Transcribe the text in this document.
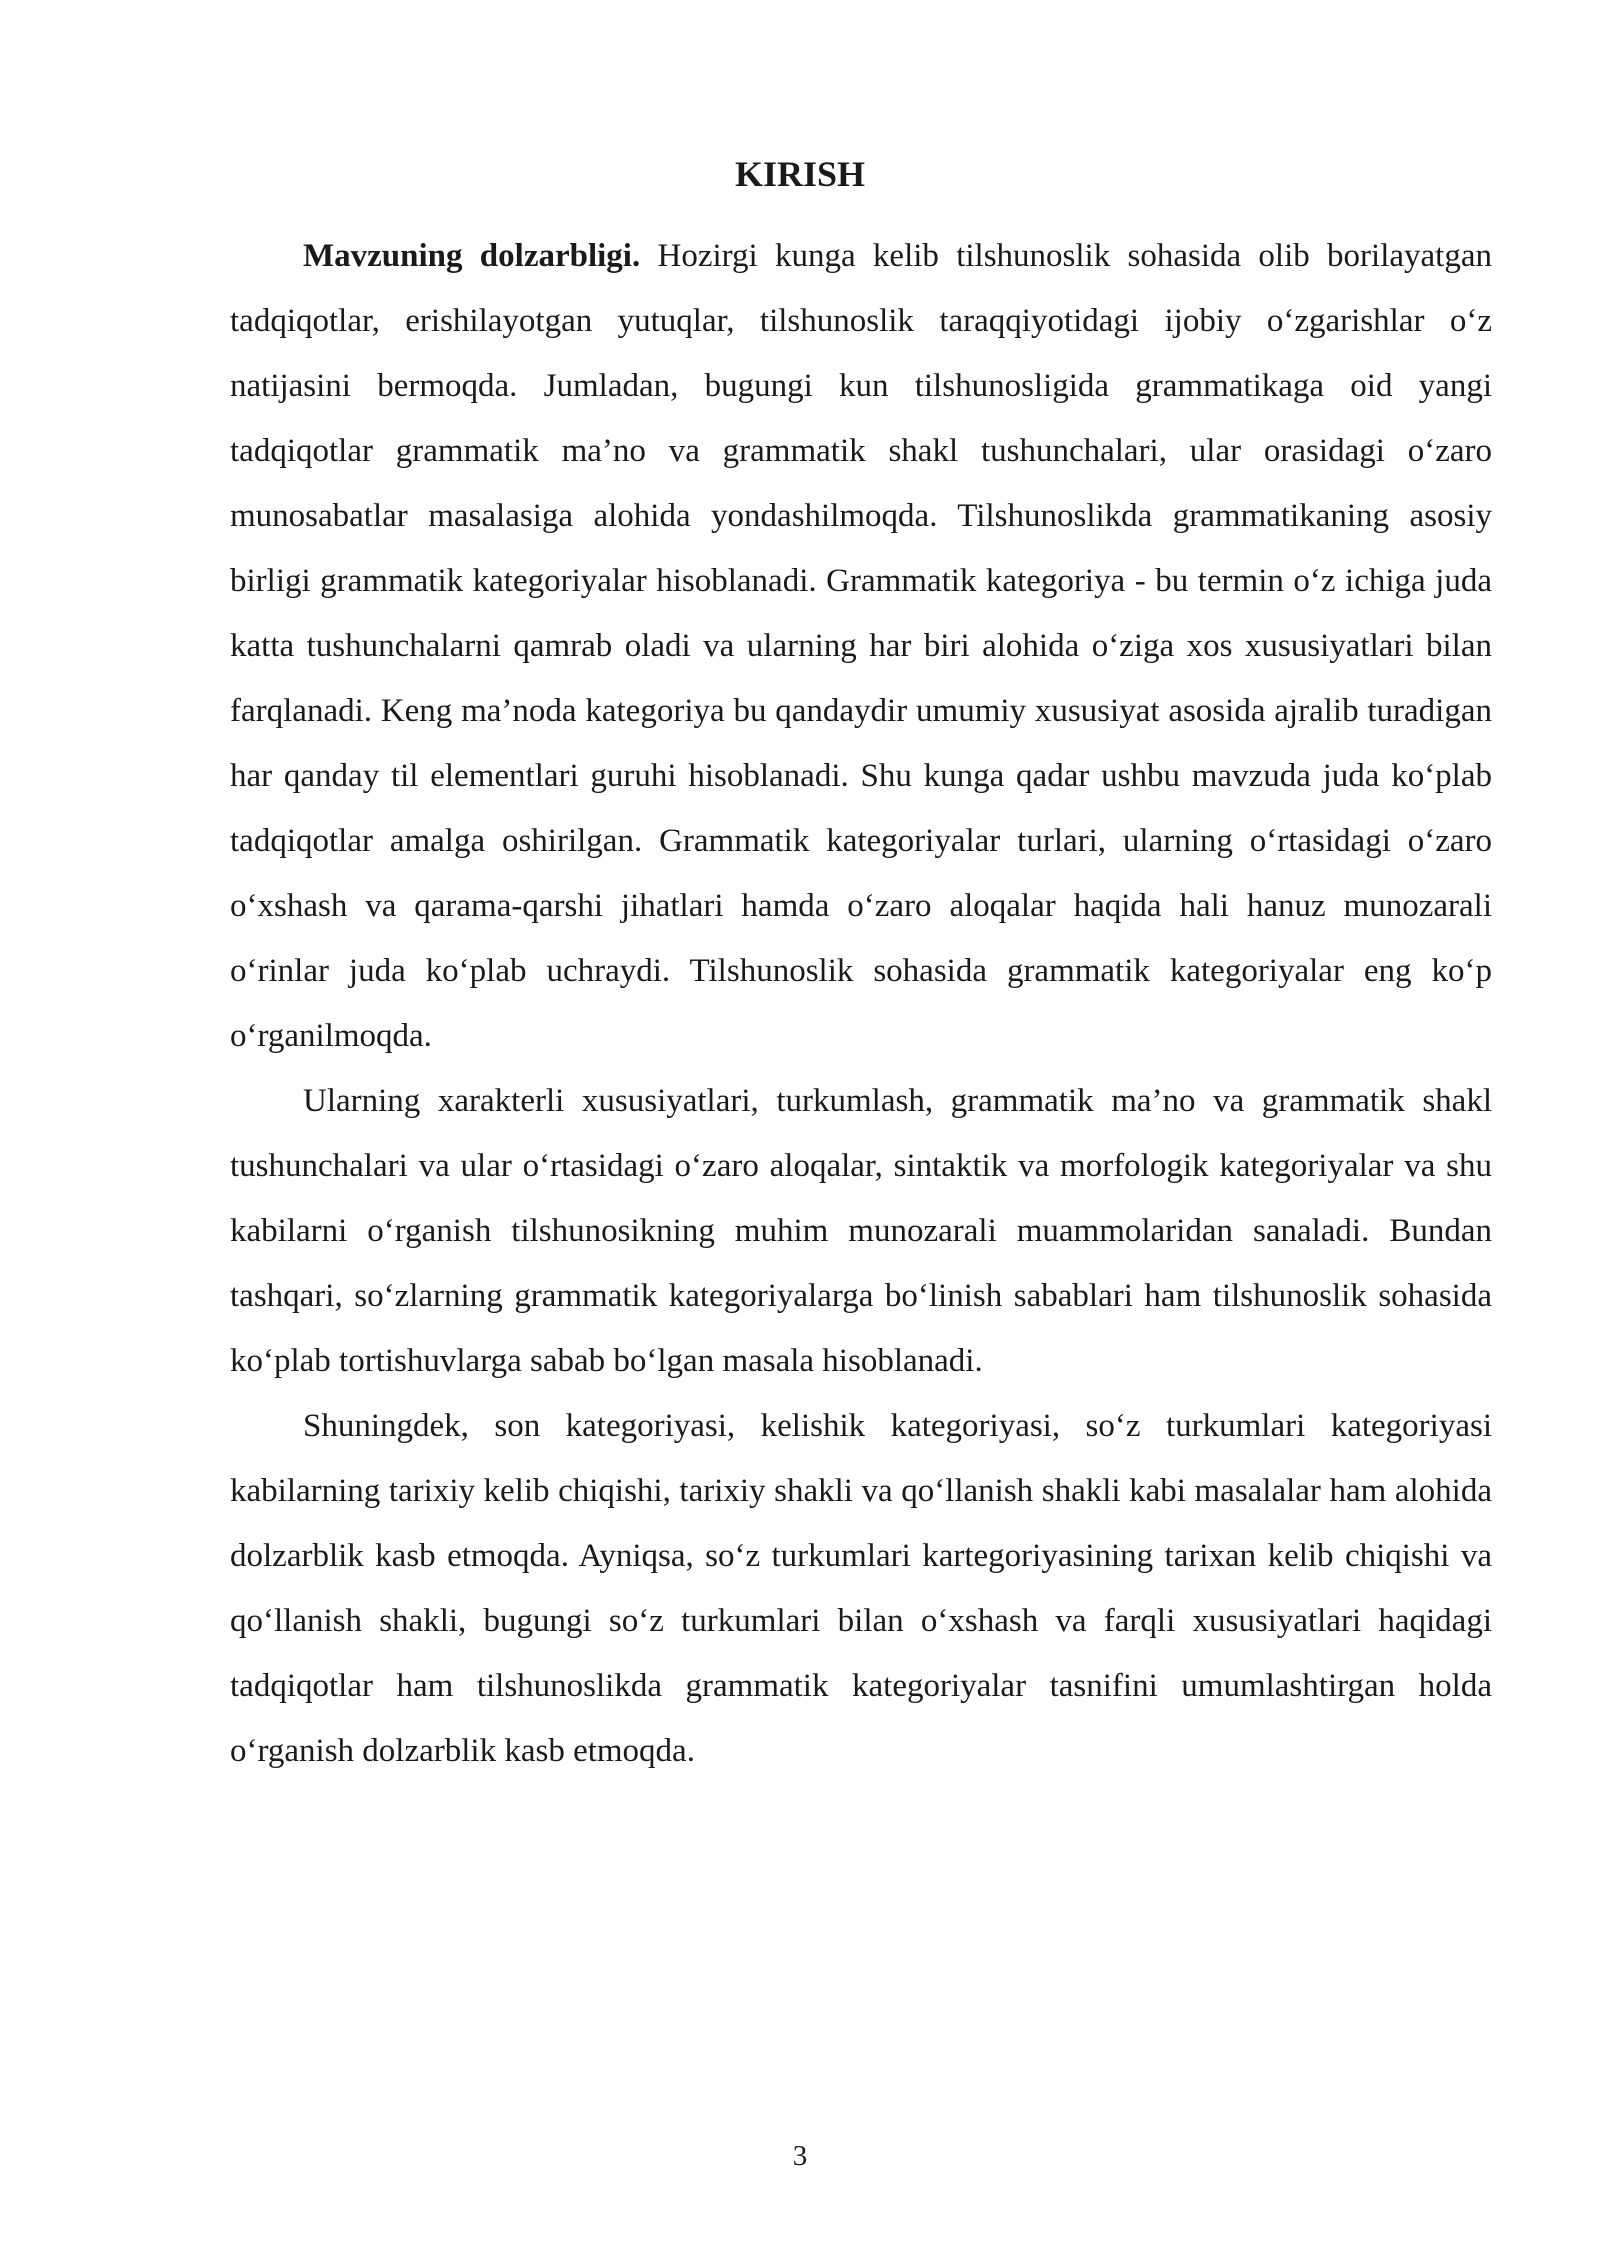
KIRISH

Mavzuning dolzarbligi. Hozirgi kunga kelib tilshunoslik sohasida olib borilayatgan tadqiqotlar, erishilayotgan yutuqlar, tilshunoslik taraqqiyotidagi ijobiy o‘zgarishlar o‘z natijasini bermoqda. Jumladan, bugungi kun tilshunosligida grammatikaga oid yangi tadqiqotlar grammatik ma’no va grammatik shakl tushunchalari, ular orasidagi o‘zaro munosabatlar masalasiga alohida yondashilmoqda. Tilshunoslikda grammatikaning asosiy birligi grammatik kategoriyalar hisoblanadi. Grammatik kategoriya - bu termin o‘z ichiga juda katta tushunchalarni qamrab oladi va ularning har biri alohida o‘ziga xos xususiyatlari bilan farqlanadi. Keng ma’noda kategoriya bu qandaydir umumiy xususiyat asosida ajralib turadigan har qanday til elementlari guruhi hisoblanadi. Shu kunga qadar ushbu mavzuda juda ko‘plab tadqiqotlar amalga oshirilgan. Grammatik kategoriyalar turlari, ularning o‘rtasidagi o‘zaro o‘xshash va qarama-qarshi jihatlari hamda o‘zaro aloqalar haqida hali hanuz munozarali o‘rinlar juda ko‘plab uchraydi. Tilshunoslik sohasida grammatik kategoriyalar eng ko‘p o‘rganilmoqda.

Ularning xarakterli xususiyatlari, turkumlash, grammatik ma’no va grammatik shakl tushunchalari va ular o‘rtasidagi o‘zaro aloqalar, sintaktik va morfologik kategoriyalar va shu kabilarni o‘rganish tilshunosikning muhim munozarali muammolaridan sanaladi. Bundan tashqari, so‘zlarning grammatik kategoriyalarga bo‘linish sabablari ham tilshunoslik sohasida ko‘plab tortishuvlarga sabab bo‘lgan masala hisoblanadi.

Shuningdek, son kategoriyasi, kelishik kategoriyasi, so‘z turkumlari kategoriyasi kabilarning tarixiy kelib chiqishi, tarixiy shakli va qo‘llanish shakli kabi masalalar ham alohida dolzarblik kasb etmoqda. Ayniqsa, so‘z turkumlari kartegoriyasining tarixan kelib chiqishi va qo‘llanish shakli, bugungi so‘z turkumlari bilan o‘xshash va farqli xususiyatlari haqidagi tadqiqotlar ham tilshunoslikda grammatik kategoriyalar tasnifini umumlashtirgan holda o‘rganish dolzarblik kasb etmoqda.

3
